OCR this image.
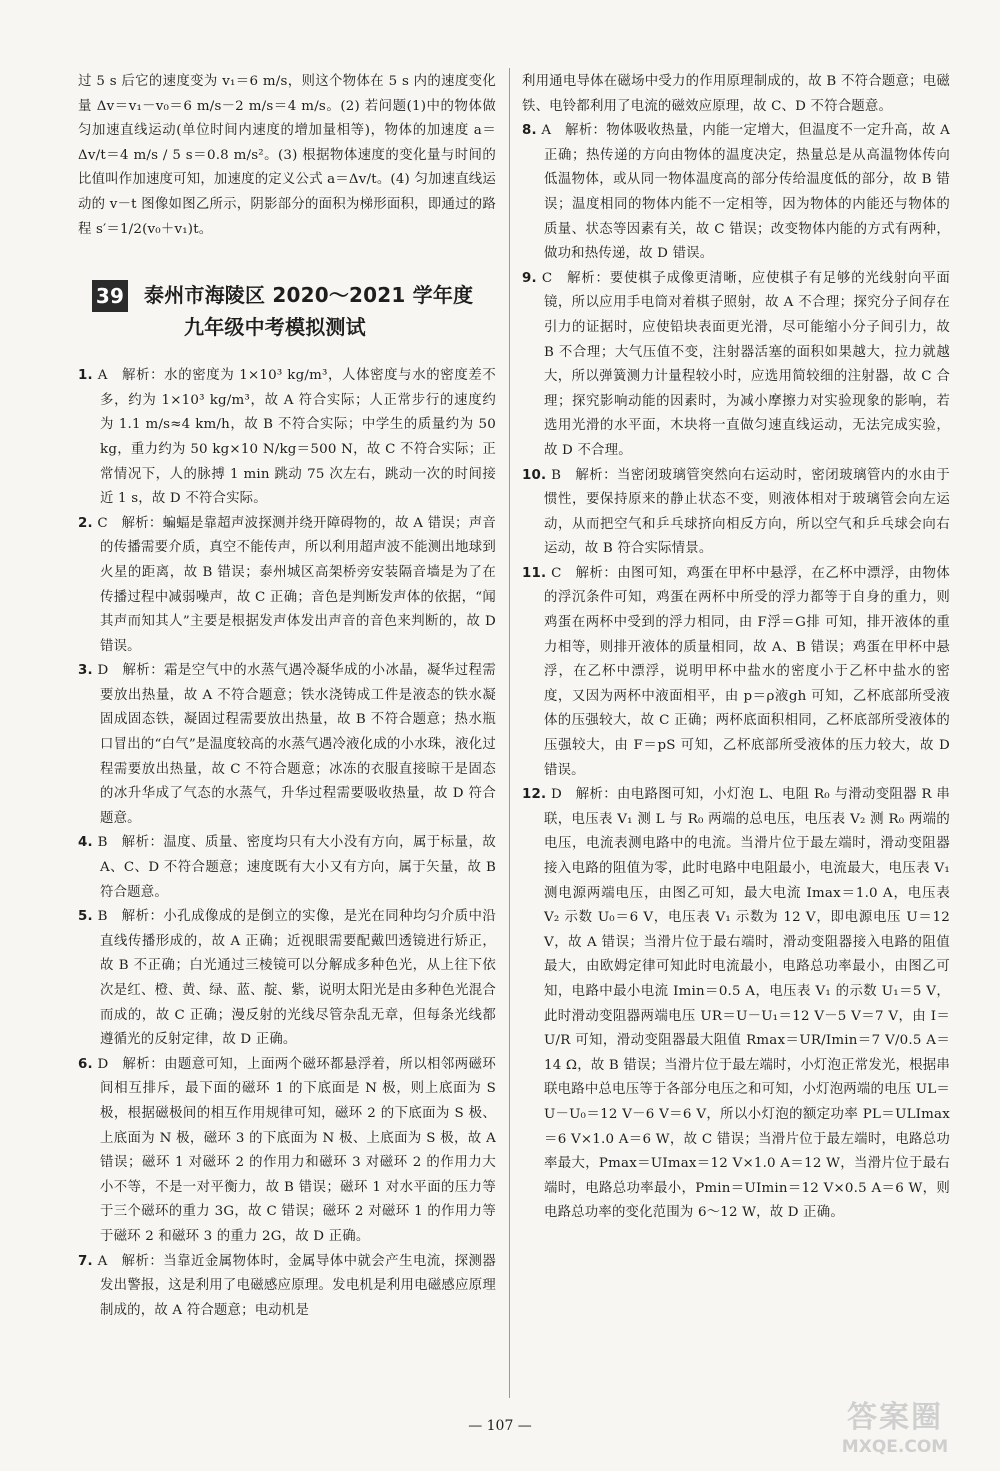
过 5 s 后它的速度变为 v₁＝6 m/s，则这个物体在 5 s 内的速度变化量 Δv＝v₁－v₀＝6 m/s－2 m/s＝4 m/s。(2) 若问题(1)中的物体做匀加速直线运动(单位时间内速度的增加量相等)，物体的加速度 a＝Δv/t＝4 m/s / 5 s＝0.8 m/s²。(3) 根据物体速度的变化量与时间的比值叫作加速度可知，加速度的定义公式 a＝Δv/t。(4) 匀加速直线运动的 v－t 图像如图乙所示，阴影部分的面积为梯形面积，即通过的路程 s′＝1/2(v₀＋v₁)t。

39 泰州市海陵区 2020～2021 学年度
九年级中考模拟测试

1. A　解析：水的密度为 1×10³ kg/m³，人体密度与水的密度差不多，约为 1×10³ kg/m³，故 A 符合实际；人正常步行的速度约为 1.1 m/s≈4 km/h，故 B 不符合实际；中学生的质量约为 50 kg，重力约为 50 kg×10 N/kg＝500 N，故 C 不符合实际；正常情况下，人的脉搏 1 min 跳动 75 次左右，跳动一次的时间接近 1 s，故 D 不符合实际。

2. C　解析：蝙蝠是靠超声波探测并绕开障碍物的，故 A 错误；声音的传播需要介质，真空不能传声，所以利用超声波不能测出地球到火星的距离，故 B 错误；泰州城区高架桥旁安装隔音墙是为了在传播过程中减弱噪声，故 C 正确；音色是判断发声体的依据，“闻其声而知其人”主要是根据发声体发出声音的音色来判断的，故 D 错误。

3. D　解析：霜是空气中的水蒸气遇冷凝华成的小冰晶，凝华过程需要放出热量，故 A 不符合题意；铁水浇铸成工件是液态的铁水凝固成固态铁，凝固过程需要放出热量，故 B 不符合题意；热水瓶口冒出的“白气”是温度较高的水蒸气遇冷液化成的小水珠，液化过程需要放出热量，故 C 不符合题意；冰冻的衣服直接晾干是固态的冰升华成了气态的水蒸气，升华过程需要吸收热量，故 D 符合题意。

4. B　解析：温度、质量、密度均只有大小没有方向，属于标量，故 A、C、D 不符合题意；速度既有大小又有方向，属于矢量，故 B 符合题意。

5. B　解析：小孔成像成的是倒立的实像，是光在同种均匀介质中沿直线传播形成的，故 A 正确；近视眼需要配戴凹透镜进行矫正，故 B 不正确；白光通过三棱镜可以分解成多种色光，从上往下依次是红、橙、黄、绿、蓝、靛、紫，说明太阳光是由多种色光混合而成的，故 C 正确；漫反射的光线尽管杂乱无章，但每条光线都遵循光的反射定律，故 D 正确。

6. D　解析：由题意可知，上面两个磁环都悬浮着，所以相邻两磁环间相互排斥，最下面的磁环 1 的下底面是 N 极，则上底面为 S 极，根据磁极间的相互作用规律可知，磁环 2 的下底面为 S 极、上底面为 N 极，磁环 3 的下底面为 N 极、上底面为 S 极，故 A 错误；磁环 1 对磁环 2 的作用力和磁环 3 对磁环 2 的作用力大小不等，不是一对平衡力，故 B 错误；磁环 1 对水平面的压力等于三个磁环的重力 3G，故 C 错误；磁环 2 对磁环 1 的作用力等于磁环 2 和磁环 3 的重力 2G，故 D 正确。

7. A　解析：当靠近金属物体时，金属导体中就会产生电流，探测器发出警报，这是利用了电磁感应原理。发电机是利用电磁感应原理制成的，故 A 符合题意；电动机是

利用通电导体在磁场中受力的作用原理制成的，故 B 不符合题意；电磁铁、电铃都利用了电流的磁效应原理，故 C、D 不符合题意。

8. A　解析：物体吸收热量，内能一定增大，但温度不一定升高，故 A 正确；热传递的方向由物体的温度决定，热量总是从高温物体传向低温物体，或从同一物体温度高的部分传给温度低的部分，故 B 错误；温度相同的物体内能不一定相等，因为物体的内能还与物体的质量、状态等因素有关，故 C 错误；改变物体内能的方式有两种，做功和热传递，故 D 错误。

9. C　解析：要使棋子成像更清晰，应使棋子有足够的光线射向平面镜，所以应用手电筒对着棋子照射，故 A 不合理；探究分子间存在引力的证据时，应使铅块表面更光滑，尽可能缩小分子间引力，故 B 不合理；大气压值不变，注射器活塞的面积如果越大，拉力就越大，所以弹簧测力计量程较小时，应选用简较细的注射器，故 C 合理；探究影响动能的因素时，为减小摩擦力对实验现象的影响，若选用光滑的水平面，木块将一直做匀速直线运动，无法完成实验，故 D 不合理。

10. B　解析：当密闭玻璃管突然向右运动时，密闭玻璃管内的水由于惯性，要保持原来的静止状态不变，则液体相对于玻璃管会向左运动，从而把空气和乒乓球挤向相反方向，所以空气和乒乓球会向右运动，故 B 符合实际情景。

11. C　解析：由图可知，鸡蛋在甲杯中悬浮，在乙杯中漂浮，由物体的浮沉条件可知，鸡蛋在两杯中所受的浮力都等于自身的重力，则鸡蛋在两杯中受到的浮力相同，由 F浮＝G排 可知，排开液体的重力相等，则排开液体的质量相同，故 A、B 错误；鸡蛋在甲杯中悬浮，在乙杯中漂浮，说明甲杯中盐水的密度小于乙杯中盐水的密度，又因为两杯中液面相平，由 p＝ρ液gh 可知，乙杯底部所受液体的压强较大，故 C 正确；两杯底面积相同，乙杯底部所受液体的压强较大，由 F＝pS 可知，乙杯底部所受液体的压力较大，故 D 错误。

12. D　解析：由电路图可知，小灯泡 L、电阻 R₀ 与滑动变阻器 R 串联，电压表 V₁ 测 L 与 R₀ 两端的总电压，电压表 V₂ 测 R₀ 两端的电压，电流表测电路中的电流。当滑片位于最左端时，滑动变阻器接入电路的阻值为零，此时电路中电阻最小，电流最大，电压表 V₁ 测电源两端电压，由图乙可知，最大电流 Imax＝1.0 A，电压表 V₂ 示数 U₀＝6 V，电压表 V₁ 示数为 12 V，即电源电压 U＝12 V，故 A 错误；当滑片位于最右端时，滑动变阻器接入电路的阻值最大，由欧姆定律可知此时电流最小，电路总功率最小，由图乙可知，电路中最小电流 Imin＝0.5 A，电压表 V₁ 的示数 U₁＝5 V，此时滑动变阻器两端电压 UR＝U－U₁＝12 V－5 V＝7 V，由 I＝U/R 可知，滑动变阻器最大阻值 Rmax＝UR/Imin＝7 V/0.5 A＝14 Ω，故 B 错误；当滑片位于最左端时，小灯泡正常发光，根据串联电路中总电压等于各部分电压之和可知，小灯泡两端的电压 UL＝U－U₀＝12 V－6 V＝6 V，所以小灯泡的额定功率 PL＝ULImax＝6 V×1.0 A＝6 W，故 C 错误；当滑片位于最左端时，电路总功率最大，Pmax＝UImax＝12 V×1.0 A＝12 W，当滑片位于最右端时，电路总功率最小，Pmin＝UImin＝12 V×0.5 A＝6 W，则电路总功率的变化范围为 6～12 W，故 D 正确。

— 107 —	答案圈
MXQE.COM
